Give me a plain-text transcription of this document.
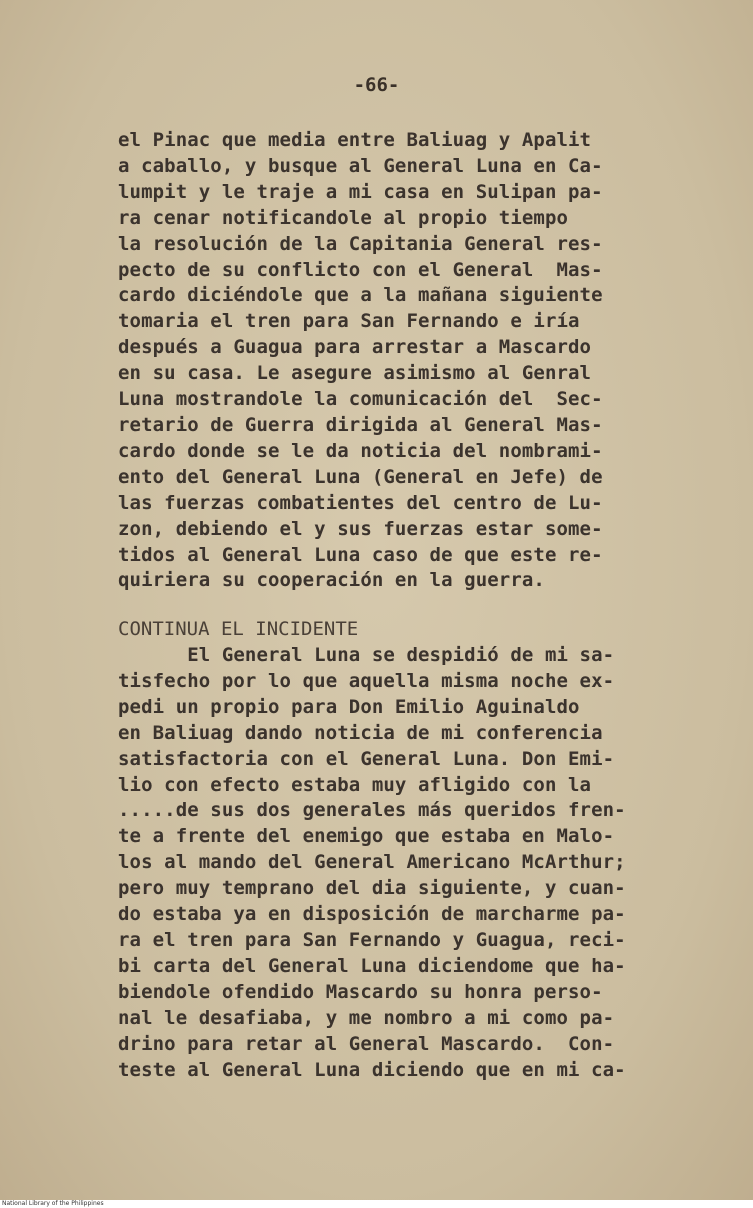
-66-
el Pinac que media entre Baliuag y Apalit
a caballo, y busque al General Luna en Ca-
lumpit y le traje a mi casa en Sulipan pa-
ra cenar notificandole al propio tiempo
la resolución de la Capitania General res-
pecto de su conflicto con el General  Mas-
cardo diciéndole que a la mañana siguiente
tomaria el tren para San Fernando e iría
después a Guagua para arrestar a Mascardo
en su casa. Le asegure asimismo al Genral
Luna mostrandole la comunicación del  Sec-
retario de Guerra dirigida al General Mas-
cardo donde se le da noticia del nombrami-
ento del General Luna (General en Jefe) de
las fuerzas combatientes del centro de Lu-
zon, debiendo el y sus fuerzas estar some-
tidos al General Luna caso de que este re-
quiriera su cooperación en la guerra.
CONTINUA EL INCIDENTE
El General Luna se despidió de mi sa-
tisfecho por lo que aquella misma noche ex-
pedi un propio para Don Emilio Aguinaldo
en Baliuag dando noticia de mi conferencia
satisfactoria con el General Luna. Don Emi-
lio con efecto estaba muy afligido con la
.....de sus dos generales más queridos fren-
te a frente del enemigo que estaba en Malo-
los al mando del General Americano McArthur;
pero muy temprano del dia siguiente, y cuan-
do estaba ya en disposición de marcharme pa-
ra el tren para San Fernando y Guagua, reci-
bi carta del General Luna diciendome que ha-
biendole ofendido Mascardo su honra perso-
nal le desafiaba, y me nombro a mi como pa-
drino para retar al General Mascardo.  Con-
teste al General Luna diciendo que en mi ca-
National Library of the Philippines
